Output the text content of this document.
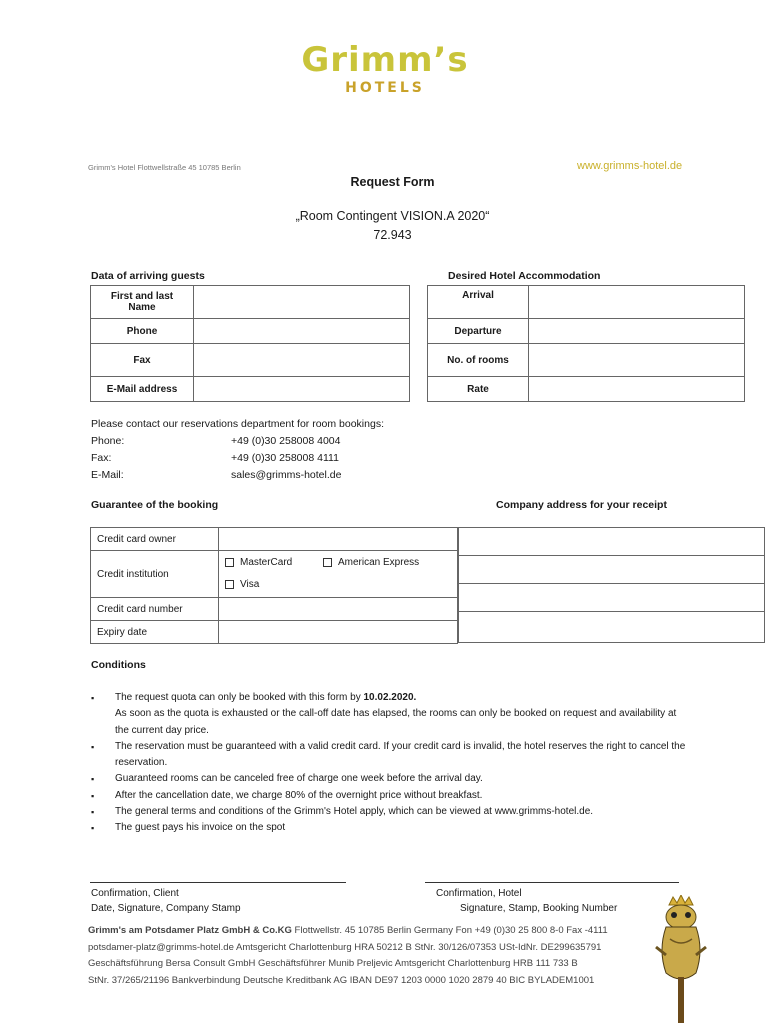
Grimm’s
HOTELS
Grimm's Hotel Flottwellstraße 45 10785 Berlin	www.grimms-hotel.de
Request Form
„Room Contingent VISION.A 2020“
72.943
Data of arriving guests	Desired Hotel Accommodation
First and last Name	
Phone	
Fax	
E-Mail address	
Arrival	
Departure	
No. of rooms	
Rate	
Please contact our reservations department for room bookings:
Phone:	+49 (0)30 258008 4004
Fax:	+49 (0)30 258008 4111
E-Mail:	sales@grimms-hotel.de
Guarantee of the booking	Company address for your receipt
Credit card owner	
Credit institution	MasterCard American Express
Visa
Credit card number	
Expiry date	

Conditions
▪ The request quota can only be booked with this form by 10.02.2020.
As soon as the quota is exhausted or the call-off date has elapsed, the rooms can only be booked on request and availability at the current day price.
▪ The reservation must be guaranteed with a valid credit card. If your credit card is invalid, the hotel reserves the right to cancel the reservation.
▪ Guaranteed rooms can be canceled free of charge one week before the arrival day.
▪ After the cancellation date, we charge 80% of the overnight price without breakfast.
▪ The general terms and conditions of the Grimm's Hotel apply, which can be viewed at www.grimms-hotel.de.
▪ The guest pays his invoice on the spot
Confirmation, Client
Date, Signature, Company Stamp
Confirmation, Hotel
Signature, Stamp, Booking Number
Grimm's am Potsdamer Platz GmbH & Co.KG Flottwellstr. 45 10785 Berlin Germany Fon +49 (0)30 25 800 8-0 Fax -4111
potsdamer-platz@grimms-hotel.de Amtsgericht Charlottenburg HRA 50212 B StNr. 30/126/07353 USt-IdNr. DE299635791
Geschäftsführung Bersa Consult GmbH Geschäftsführer Munib Preljevic Amtsgericht Charlottenburg HRB 111 733 B
StNr. 37/265/21196 Bankverbindung Deutsche Kreditbank AG IBAN DE97 1203 0000 1020 2879 40 BIC BYLADEM1001
